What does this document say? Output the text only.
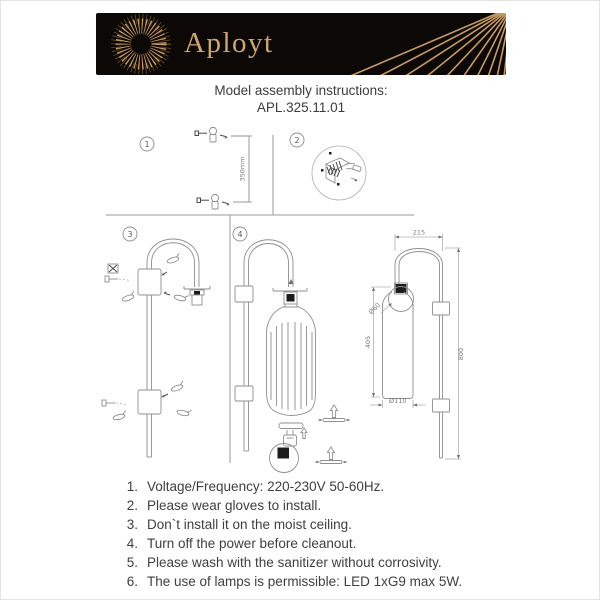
1	2
3	4
350mm
215
800
405
Ø60
Ø110
Aployt
Model assembly instructions:
APL.325.11.01
1. Voltage/Frequency: 220-230V 50-60Hz.
2. Please wear gloves to install.
3. Don`t install it on the moist ceiling.
4. Turn off the power before cleanout.
5. Please wash with the sanitizer without corrosivity.
6. The use of lamps is permissible: LED 1xG9 max 5W.
